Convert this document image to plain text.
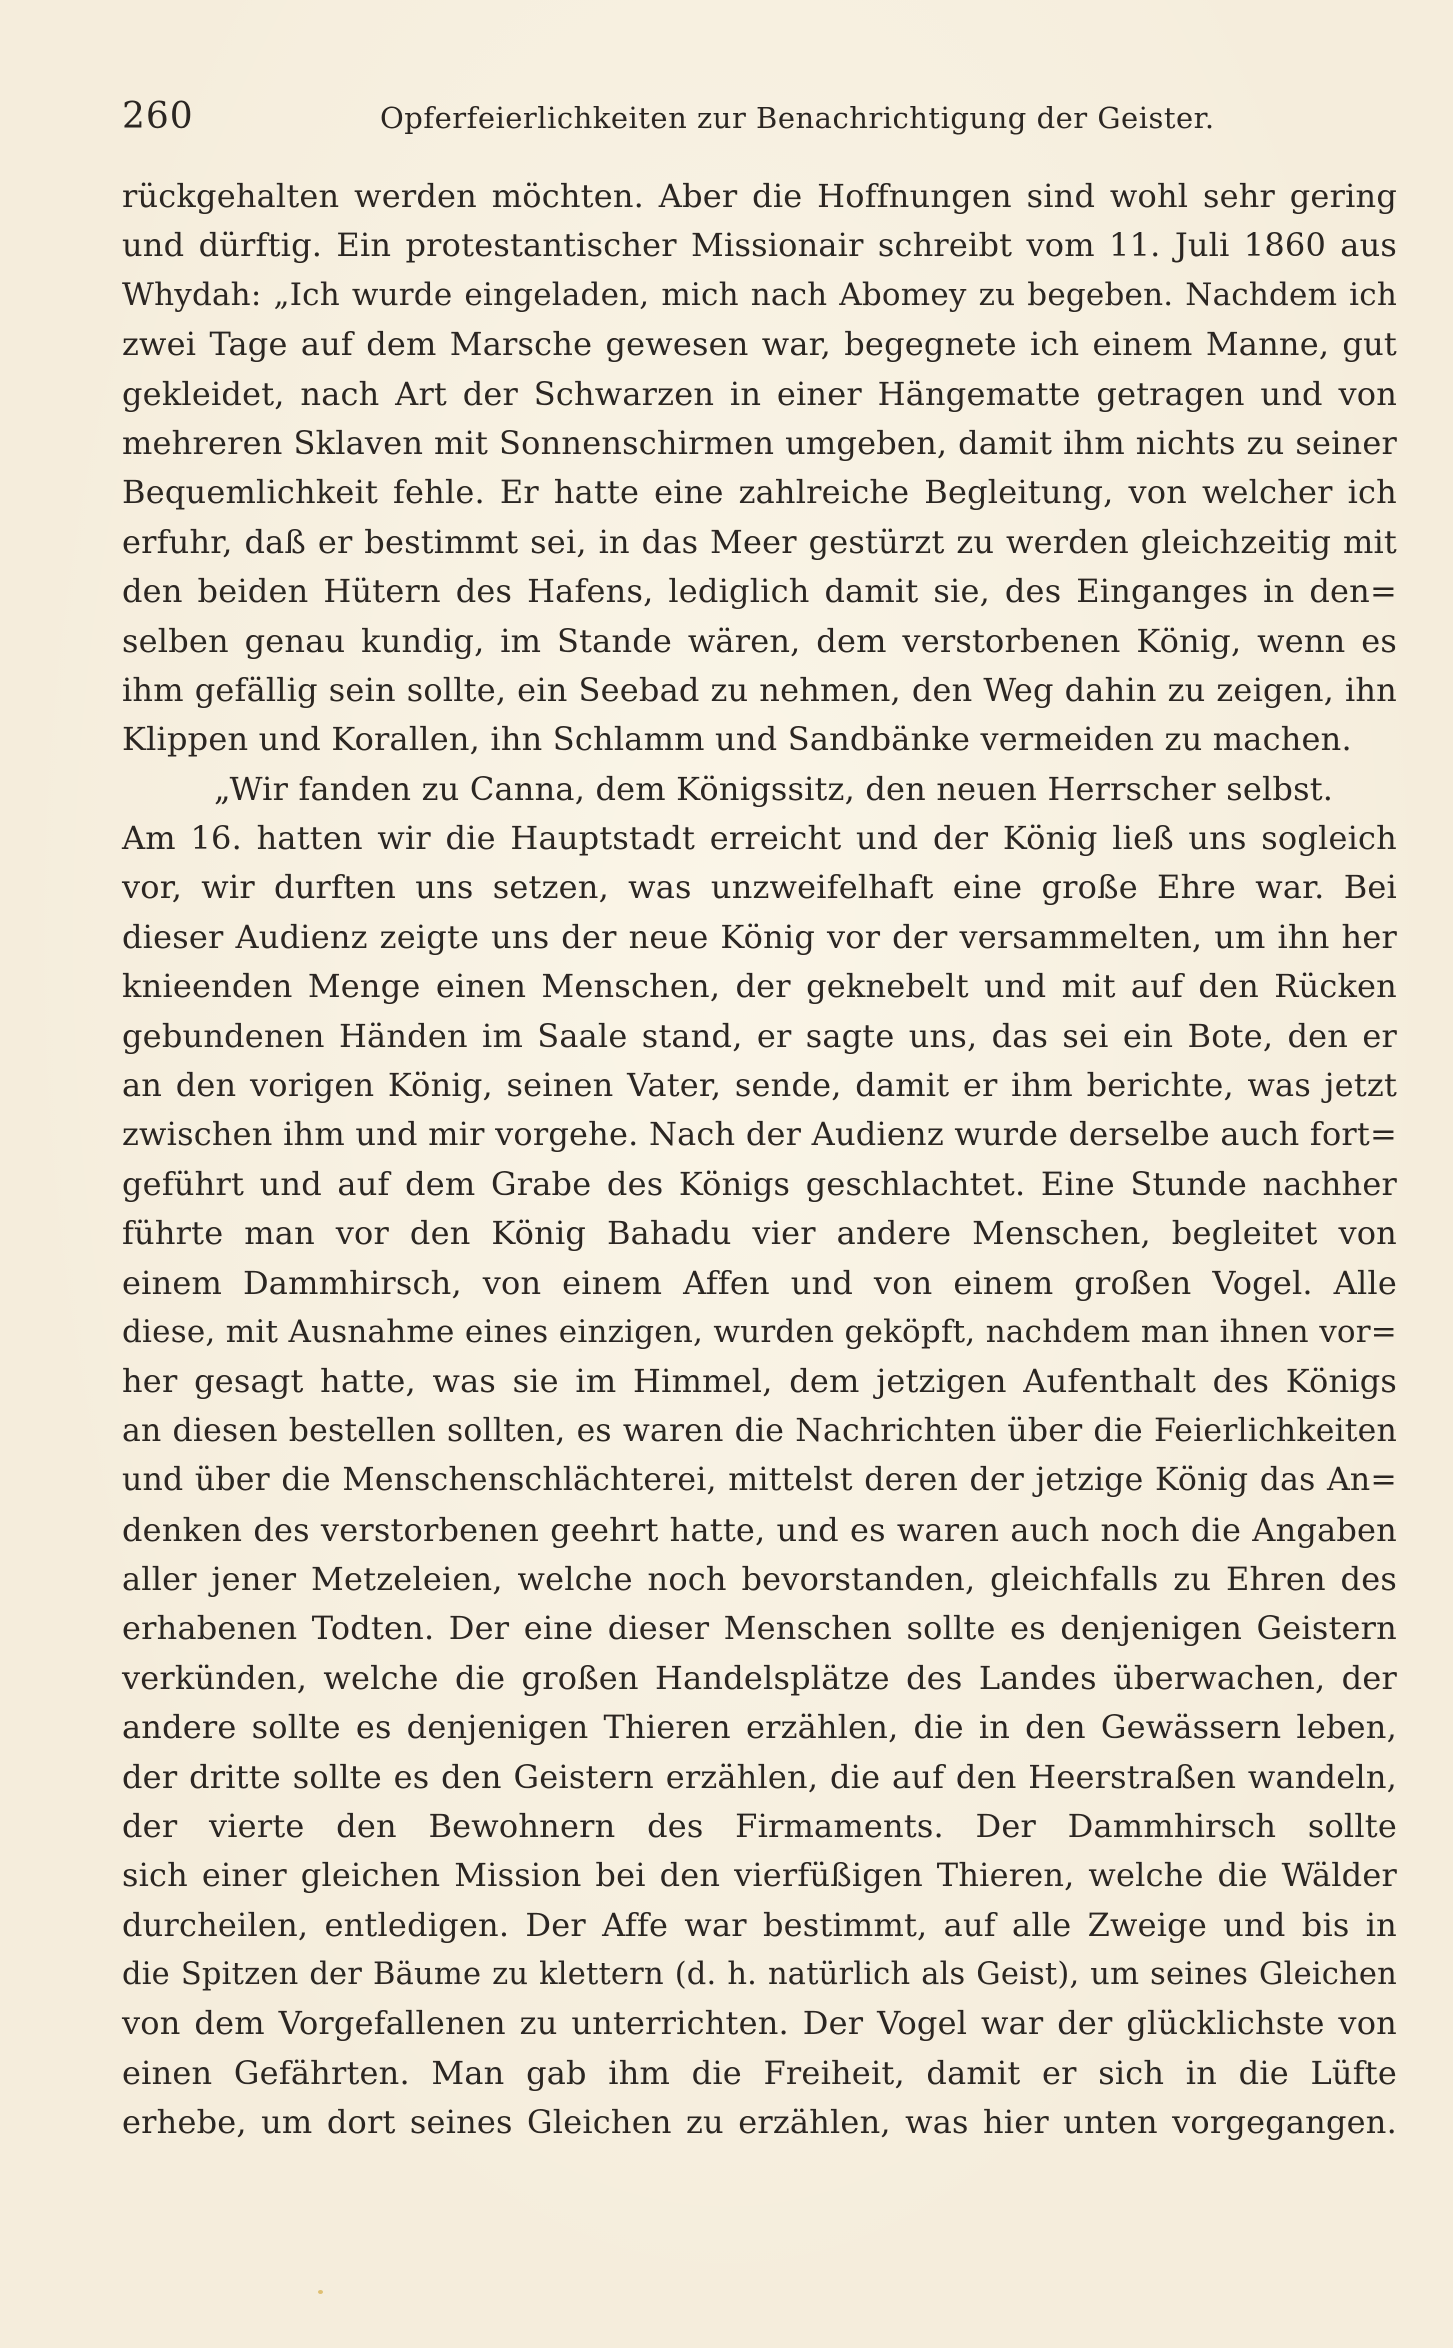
260	Opferfeierlichkeiten zur Benachrichtigung der Geister.
rückgehalten werden möchten. Aber die Hoffnungen sind wohl sehr gering
und dürftig. Ein protestantischer Missionair schreibt vom 11. Juli 1860 aus
Whydah: „Ich wurde eingeladen, mich nach Abomey zu begeben. Nachdem ich
zwei Tage auf dem Marsche gewesen war, begegnete ich einem Manne, gut
gekleidet, nach Art der Schwarzen in einer Hängematte getragen und von
mehreren Sklaven mit Sonnenschirmen umgeben, damit ihm nichts zu seiner
Bequemlichkeit fehle. Er hatte eine zahlreiche Begleitung, von welcher ich
erfuhr, daß er bestimmt sei, in das Meer gestürzt zu werden gleichzeitig mit
den beiden Hütern des Hafens, lediglich damit sie, des Einganges in den=
selben genau kundig, im Stande wären, dem verstorbenen König, wenn es
ihm gefällig sein sollte, ein Seebad zu nehmen, den Weg dahin zu zeigen, ihn
Klippen und Korallen, ihn Schlamm und Sandbänke vermeiden zu machen.
„Wir fanden zu Canna, dem Königssitz, den neuen Herrscher selbst.
Am 16. hatten wir die Hauptstadt erreicht und der König ließ uns sogleich
vor, wir durften uns setzen, was unzweifelhaft eine große Ehre war. Bei
dieser Audienz zeigte uns der neue König vor der versammelten, um ihn her
knieenden Menge einen Menschen, der geknebelt und mit auf den Rücken
gebundenen Händen im Saale stand, er sagte uns, das sei ein Bote, den er
an den vorigen König, seinen Vater, sende, damit er ihm berichte, was jetzt
zwischen ihm und mir vorgehe. Nach der Audienz wurde derselbe auch fort=
geführt und auf dem Grabe des Königs geschlachtet. Eine Stunde nachher
führte man vor den König Bahadu vier andere Menschen, begleitet von
einem Dammhirsch, von einem Affen und von einem großen Vogel. Alle
diese, mit Ausnahme eines einzigen, wurden geköpft, nachdem man ihnen vor=
her gesagt hatte, was sie im Himmel, dem jetzigen Aufenthalt des Königs
an diesen bestellen sollten, es waren die Nachrichten über die Feierlichkeiten
und über die Menschenschlächterei, mittelst deren der jetzige König das An=
denken des verstorbenen geehrt hatte, und es waren auch noch die Angaben
aller jener Metzeleien, welche noch bevorstanden, gleichfalls zu Ehren des
erhabenen Todten. Der eine dieser Menschen sollte es denjenigen Geistern
verkünden, welche die großen Handelsplätze des Landes überwachen, der
andere sollte es denjenigen Thieren erzählen, die in den Gewässern leben,
der dritte sollte es den Geistern erzählen, die auf den Heerstraßen wandeln,
der vierte den Bewohnern des Firmaments. Der Dammhirsch sollte
sich einer gleichen Mission bei den vierfüßigen Thieren, welche die Wälder
durcheilen, entledigen. Der Affe war bestimmt, auf alle Zweige und bis in
die Spitzen der Bäume zu klettern (d. h. natürlich als Geist), um seines Gleichen
von dem Vorgefallenen zu unterrichten. Der Vogel war der glücklichste von
einen Gefährten. Man gab ihm die Freiheit, damit er sich in die Lüfte
erhebe, um dort seines Gleichen zu erzählen, was hier unten vorgegangen.
